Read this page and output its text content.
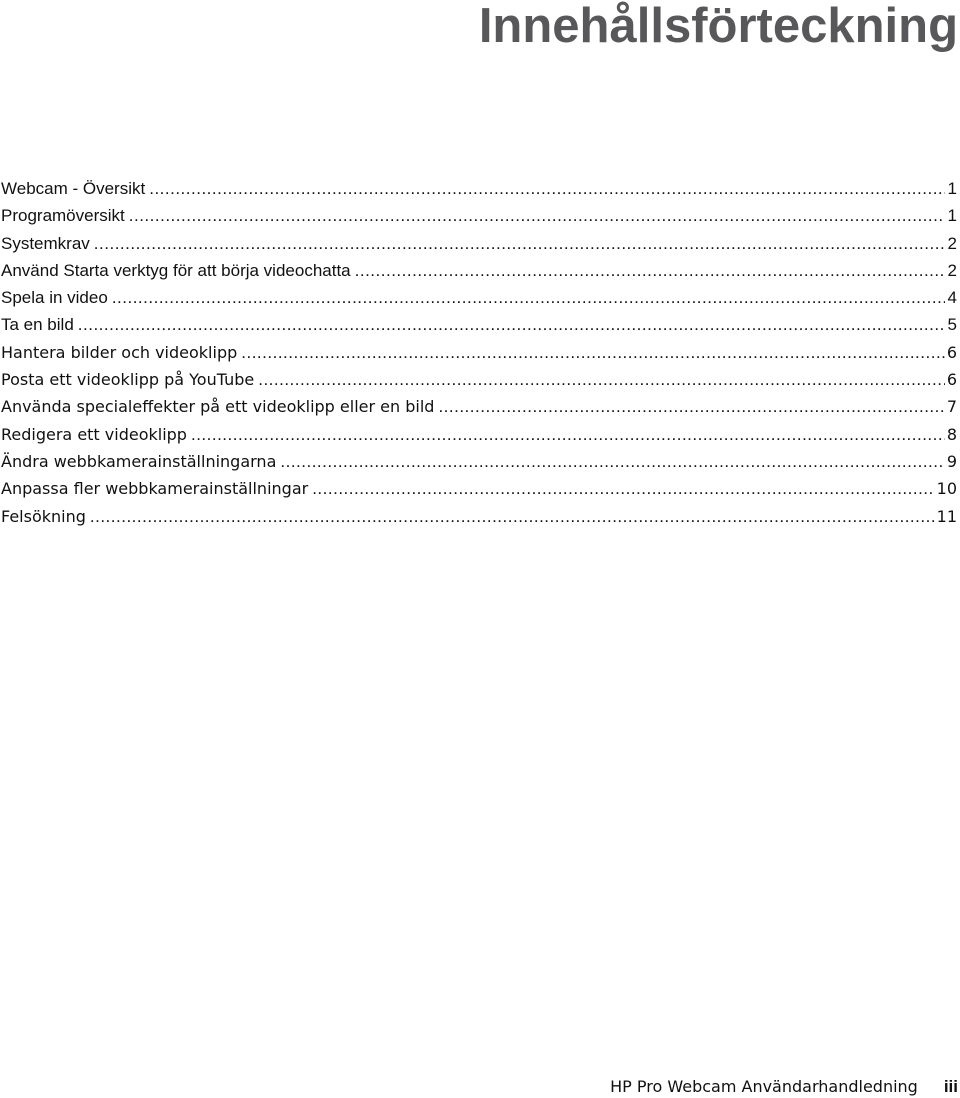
Innehållsförteckning
Webcam - Översikt .....	1
Programöversikt .....	1
Systemkrav .....	2
Använd Starta verktyg för att börja videochatta .....	2
Spela in video .....	4
Ta en bild .....	5
Hantera bilder och videoklipp .....	6
Posta ett videoklipp på YouTube .....	6
Använda specialeffekter på ett videoklipp eller en bild .....	7
Redigera ett videoklipp .....	8
Ändra webbkamerainställningarna .....	9
Anpassa fler webbkamerainställningar .....	10
Felsökning .....	11
HP Pro Webcam Användarhandledning iii
